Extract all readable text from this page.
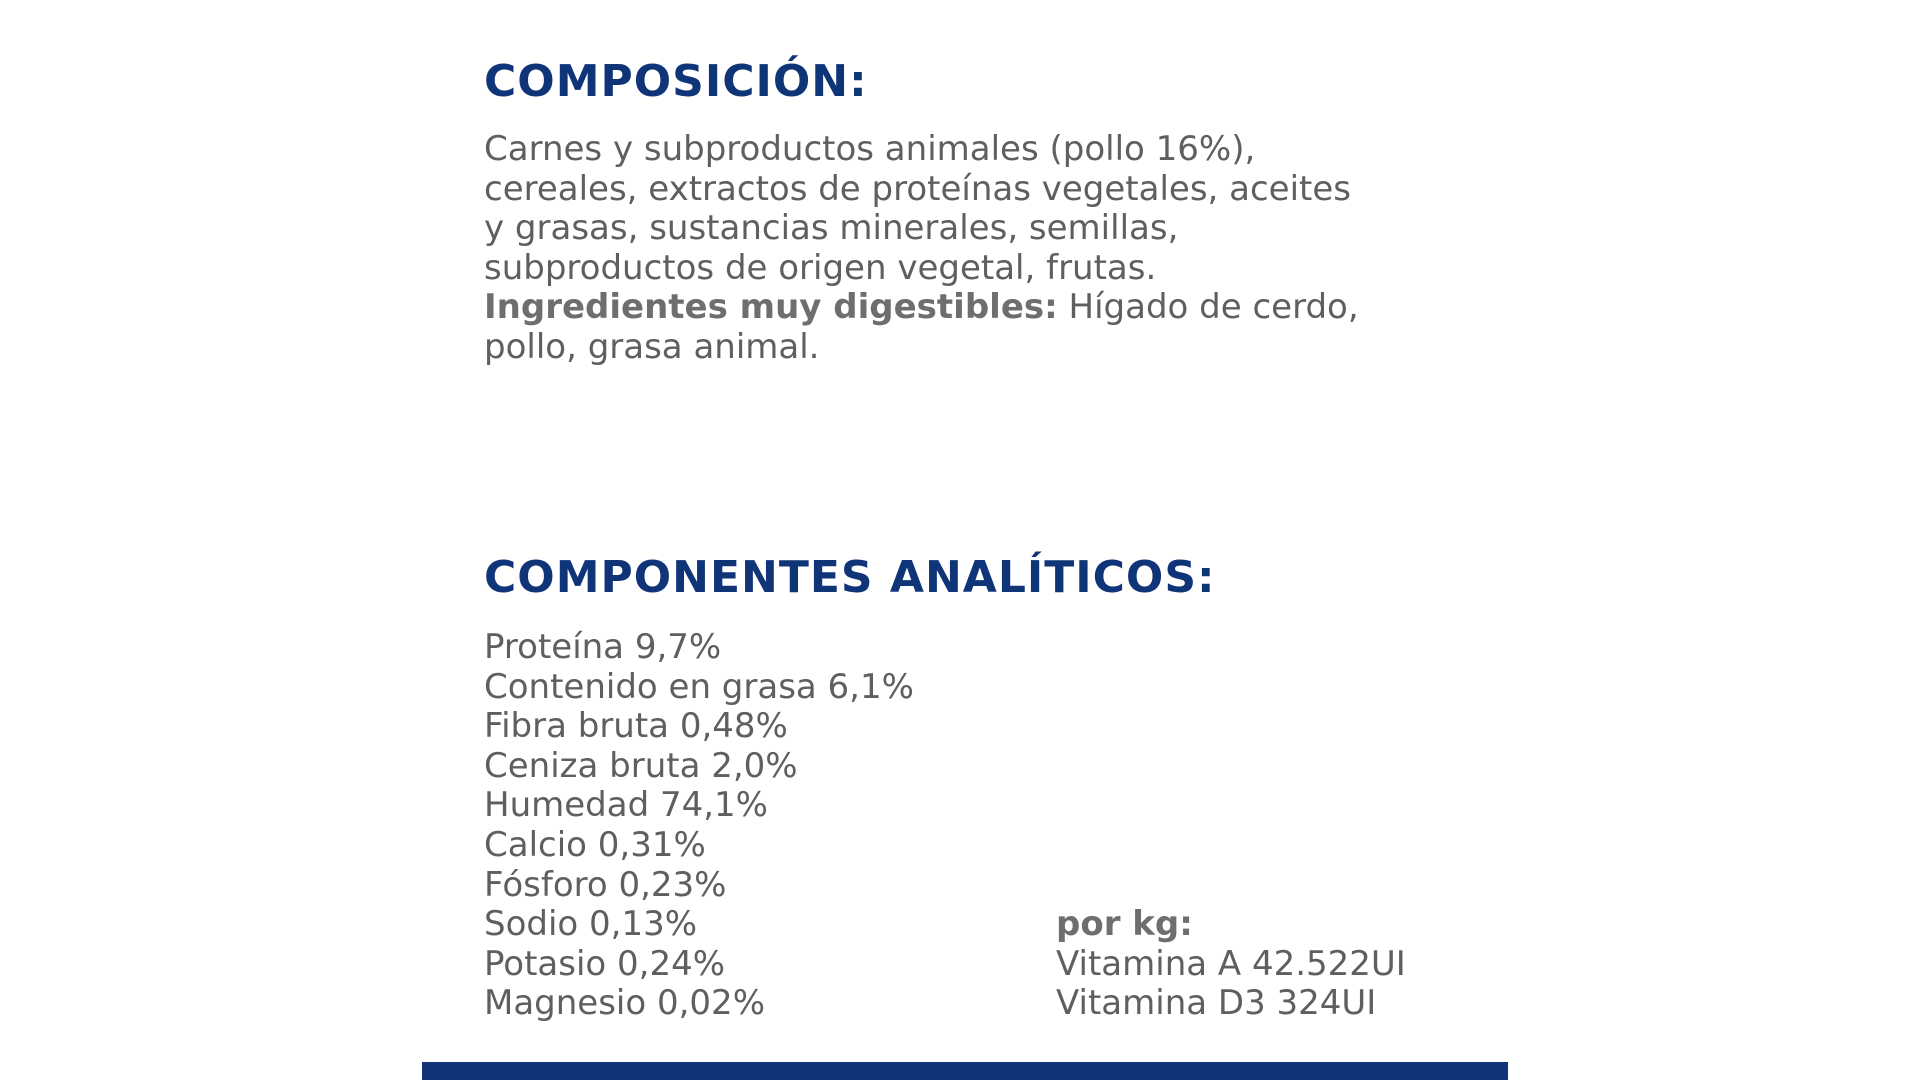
COMPOSICIÓN:

Carnes y subproductos animales (pollo 16%),
cereales, extractos de proteínas vegetales, aceites
y grasas, sustancias minerales, semillas,
subproductos de origen vegetal, frutas.
Ingredientes muy digestibles: Hígado de cerdo,
pollo, grasa animal.

COMPONENTES ANALÍTICOS:
Proteína 9,7%
Contenido en grasa 6,1%
Fibra bruta 0,48%
Ceniza bruta 2,0%
Humedad 74,1%
Calcio 0,31%
Fósforo 0,23%
Sodio 0,13%
Potasio 0,24%
Magnesio 0,02%
por kg:
Vitamina A 42.522UI
Vitamina D3 324UI
